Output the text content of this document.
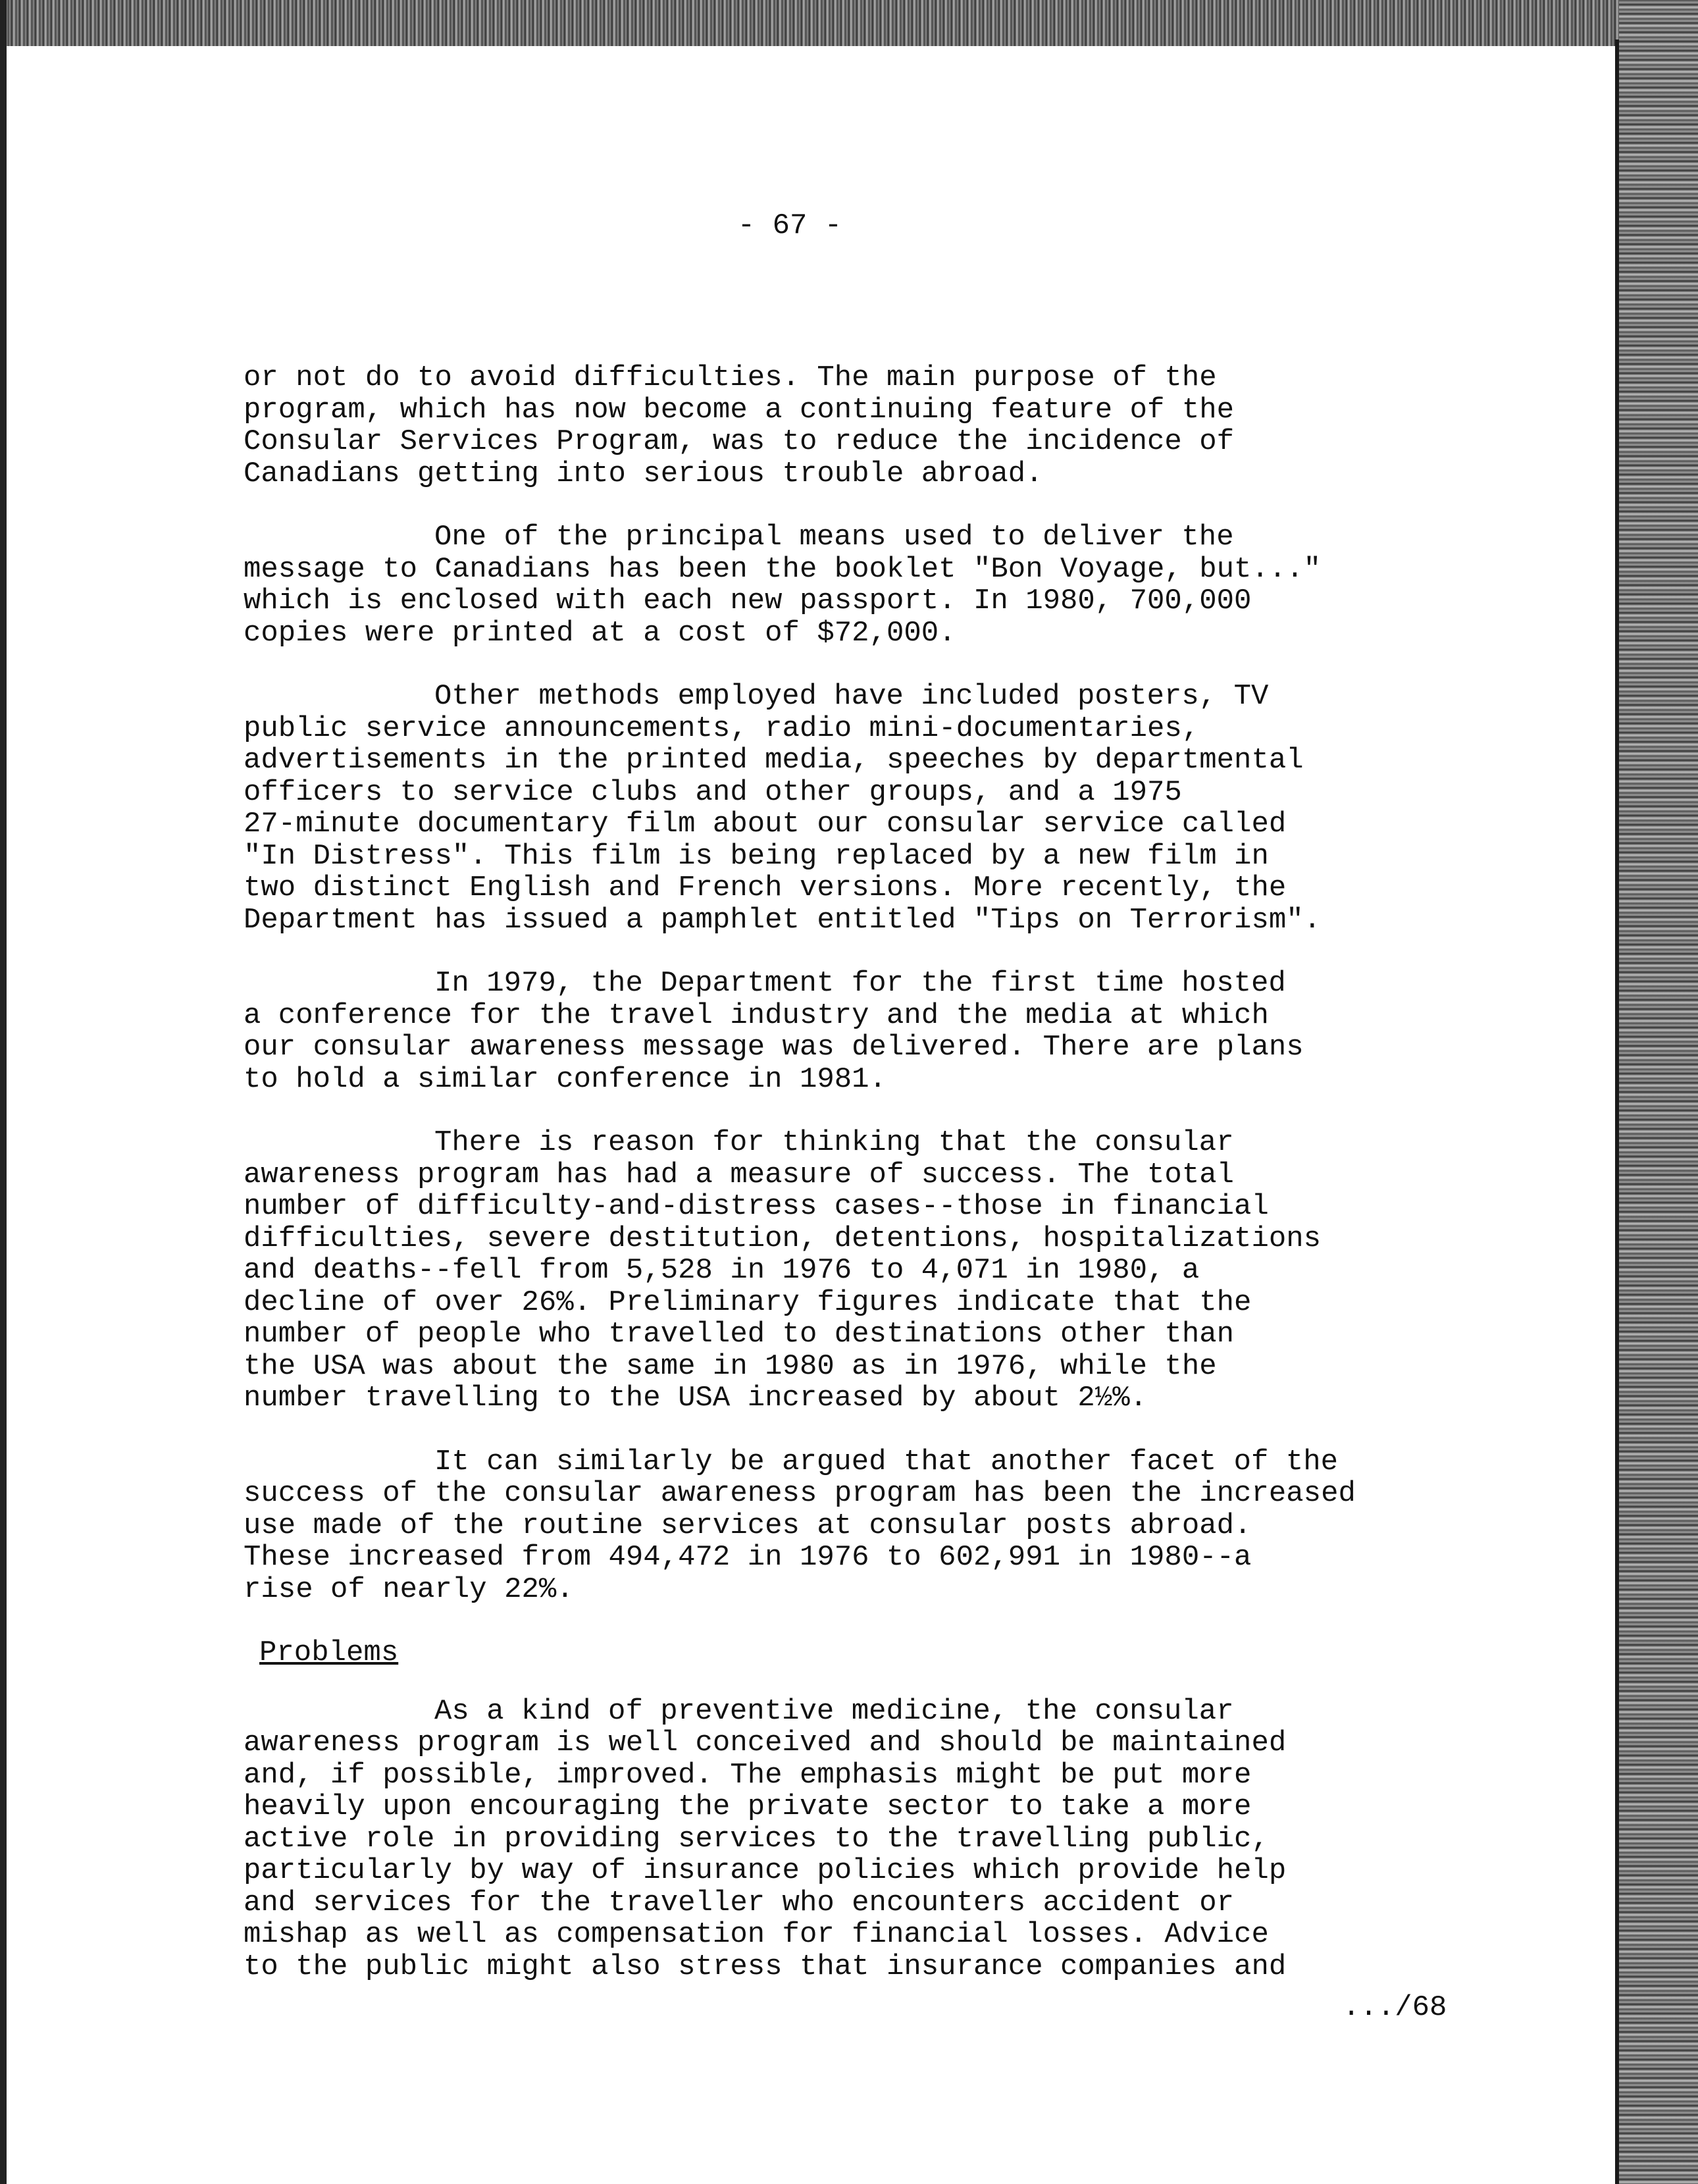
- 67 -

or not do to avoid difficulties. The main purpose of the
program, which has now become a continuing feature of the
Consular Services Program, was to reduce the incidence of
Canadians getting into serious trouble abroad.

One of the principal means used to deliver the
message to Canadians has been the booklet "Bon Voyage, but..."
which is enclosed with each new passport. In 1980, 700,000
copies were printed at a cost of $72,000.

Other methods employed have included posters, TV
public service announcements, radio mini-documentaries,
advertisements in the printed media, speeches by departmental
officers to service clubs and other groups, and a 1975
27-minute documentary film about our consular service called
"In Distress". This film is being replaced by a new film in
two distinct English and French versions. More recently, the
Department has issued a pamphlet entitled "Tips on Terrorism".

In 1979, the Department for the first time hosted
a conference for the travel industry and the media at which
our consular awareness message was delivered. There are plans
to hold a similar conference in 1981.

There is reason for thinking that the consular
awareness program has had a measure of success. The total
number of difficulty-and-distress cases--those in financial
difficulties, severe destitution, detentions, hospitalizations
and deaths--fell from 5,528 in 1976 to 4,071 in 1980, a
decline of over 26%. Preliminary figures indicate that the
number of people who travelled to destinations other than
the USA was about the same in 1980 as in 1976, while the
number travelling to the USA increased by about 2½%.

It can similarly be argued that another facet of the
success of the consular awareness program has been the increased
use made of the routine services at consular posts abroad.
These increased from 494,472 in 1976 to 602,991 in 1980--a
rise of nearly 22%.

Problems

As a kind of preventive medicine, the consular
awareness program is well conceived and should be maintained
and, if possible, improved. The emphasis might be put more
heavily upon encouraging the private sector to take a more
active role in providing services to the travelling public,
particularly by way of insurance policies which provide help
and services for the traveller who encounters accident or
mishap as well as compensation for financial losses. Advice
to the public might also stress that insurance companies and

.../68
